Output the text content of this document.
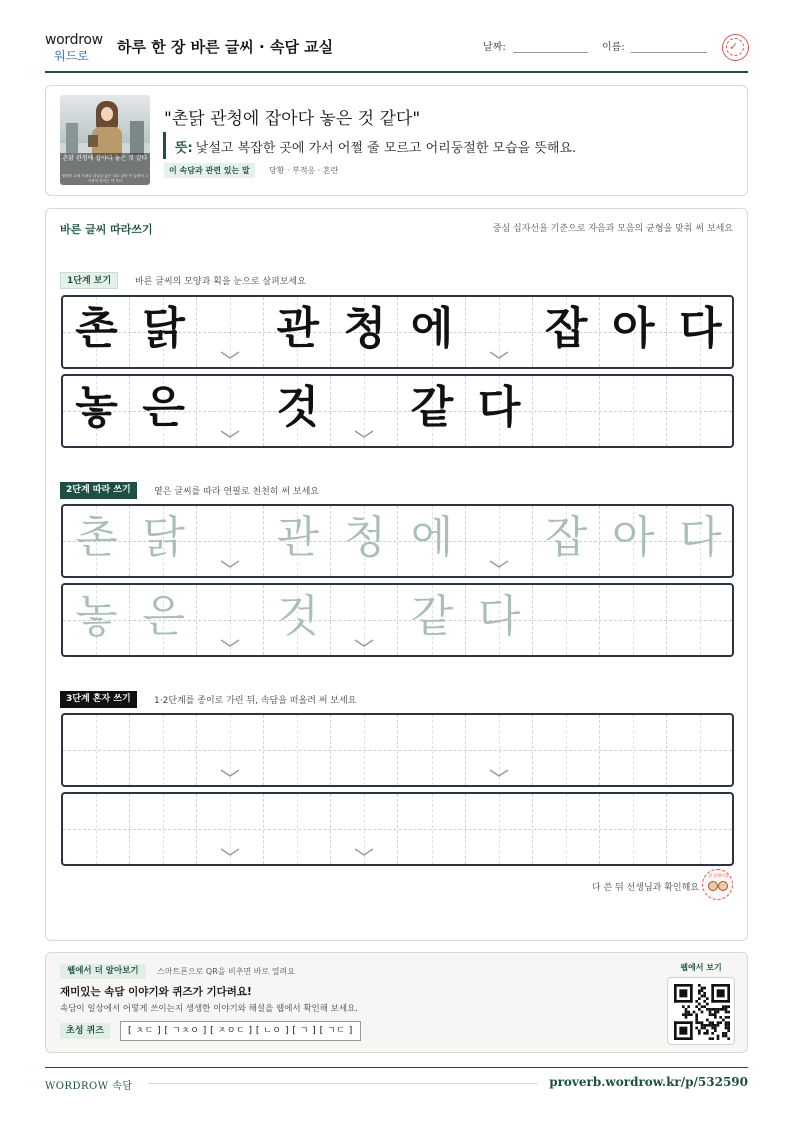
wordrow
워드로 하루 한 장 바른 글씨 · 속담 교실	날짜:	이름:	✓
촌닭 관청에 잡아다 놓은 것 같다
방향한 교에 가져나 갔었나 있은 일로 갖아 이 있에서 그 가뭉어 말하는 약 후다
"촌닭 관청에 잡아다 놓은 것 같다"
뜻: 낯설고 복잡한 곳에 가서 어쩔 줄 모르고 어리둥절한 모습을 뜻해요.
이 속담과 관련 있는 말	당황 · 부적응 · 혼란
바른 글씨 따라쓰기	중심 십자선을 기준으로 자음과 모음의 균형을 맞춰 써 보세요
1단계 보기	바른 글씨의 모양과 획을 눈으로 살펴보세요
촌 닭 관 청 에 잡 아 다
놓 은 것 같 다
2단계 따라 쓰기	옅은 글씨를 따라 연필로 천천히 써 보세요
촌 닭 관 청 에 잡 아 다
놓 은 것 같 다
3단계 혼자 쓰기	1·2단계를 종이로 가린 뒤, 속담을 떠올려 써 보세요
다 쓴 뒤 선생님과 확인해요
참 잘했어요
웹에서 더 알아보기	스마트폰으로 QR을 비추면 바로 열려요
재미있는 속담 이야기와 퀴즈가 기다려요!
속담이 일상에서 어떻게 쓰이는지 생생한 이야기와 해설을 웹에서 확인해 보세요.
초성 퀴즈	[ ㅊㄷ ] [ ㄱㅊㅇ ] [ ㅈㅇㄷ ] [ ㄴㅇ ] [ ㄱ ] [ ㄱㄷ ]
웹에서 보기
WORDROW 속담	proverb.wordrow.kr/p/532590
